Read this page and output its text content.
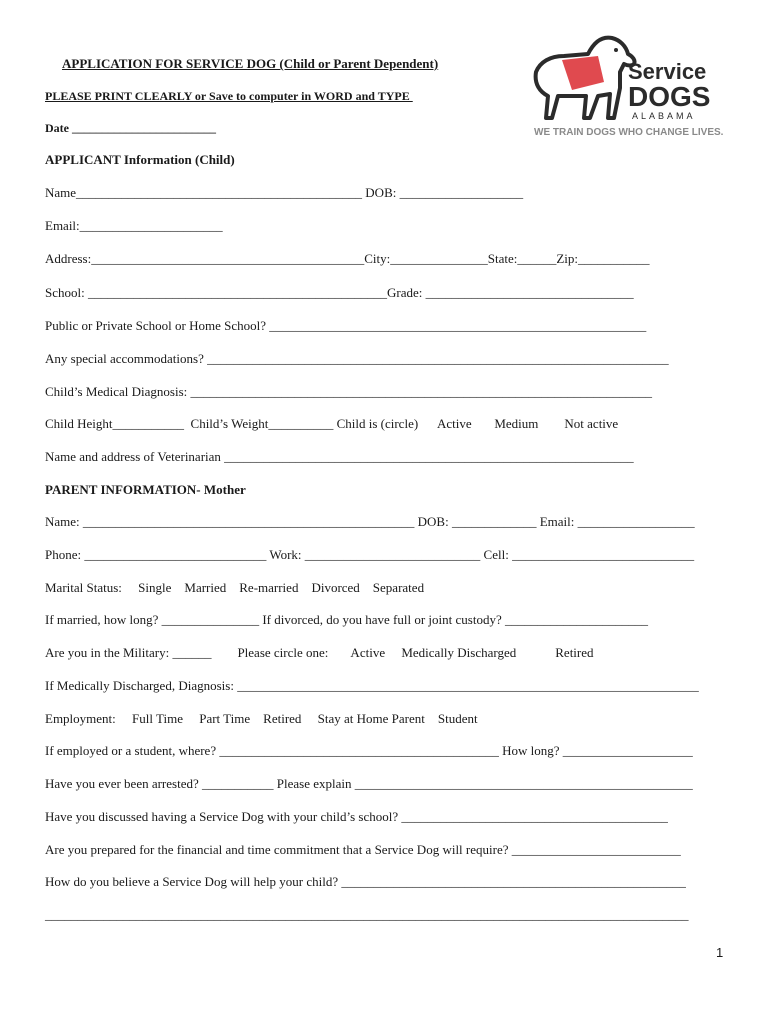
APPLICATION FOR SERVICE DOG (Child or Parent Dependent)
PLEASE PRINT CLEARLY or Save to computer in WORD and TYPE
Date ________________________
Service
DOGS
ALABAMA
WE TRAIN DOGS WHO CHANGE LIVES.
APPLICANT Information (Child)
Name____________________________________________ DOB: ___________________
Email:______________________
Address:__________________________________________City:_______________State:______Zip:___________
School: ______________________________________________Grade: ________________________________
Public or Private School or Home School? __________________________________________________________
Any special accommodations? _______________________________________________________________________
Child’s Medical Diagnosis: _______________________________________________________________________
Child Height___________  Child’s Weight__________ Child is (circle)      Active       Medium        Not active
Name and address of Veterinarian _______________________________________________________________
PARENT INFORMATION- Mother
Name: ___________________________________________________ DOB: _____________ Email: __________________
Phone: ____________________________ Work: ___________________________ Cell: ____________________________
Marital Status:     Single    Married    Re-married    Divorced    Separated
If married, how long? _______________ If divorced, do you have full or joint custody? ______________________
Are you in the Military: ______        Please circle one:       Active     Medically Discharged            Retired
If Medically Discharged, Diagnosis: _______________________________________________________________________
Employment:     Full Time     Part Time    Retired     Stay at Home Parent    Student
If employed or a student, where? ___________________________________________ How long? ____________________
Have you ever been arrested? ___________ Please explain ____________________________________________________
Have you discussed having a Service Dog with your child’s school? _________________________________________
Are you prepared for the financial and time commitment that a Service Dog will require? __________________________
How do you believe a Service Dog will help your child? _____________________________________________________
___________________________________________________________________________________________________
1
